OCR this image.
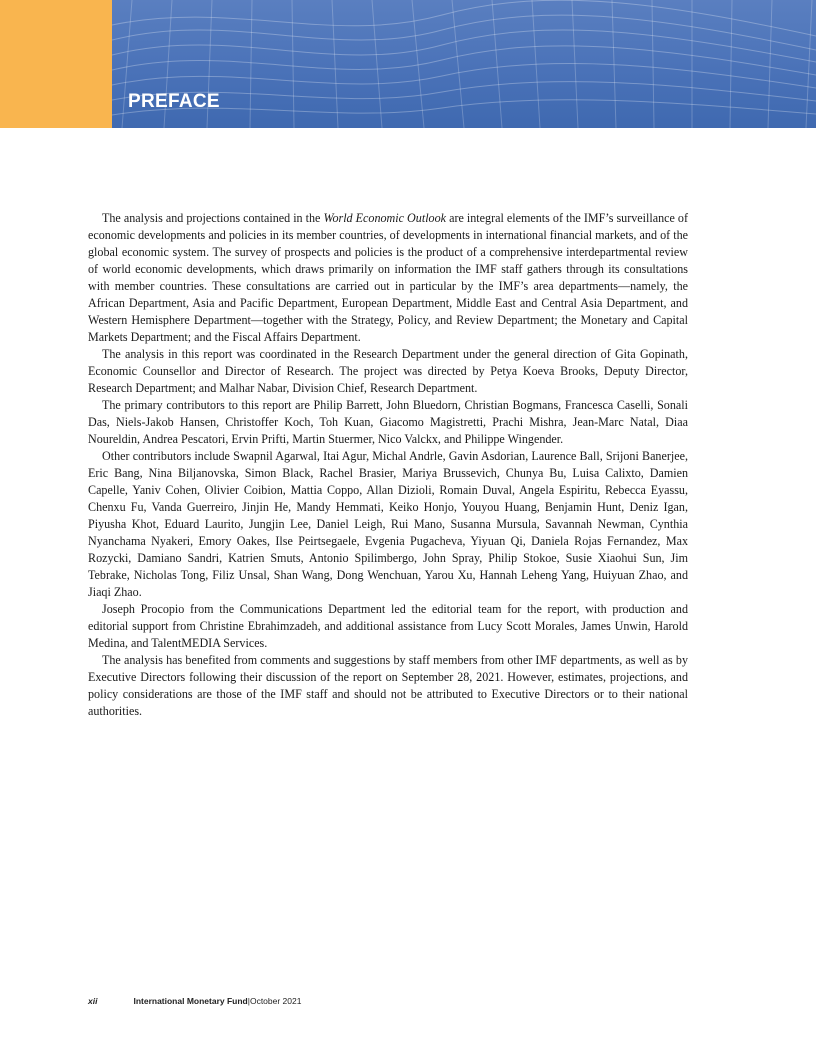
PREFACE

The analysis and projections contained in the World Economic Outlook are integral elements of the IMF’s surveillance of economic developments and policies in its member countries, of developments in international financial markets, and of the global economic system. The survey of prospects and policies is the product of a comprehensive interdepartmental review of world economic developments, which draws primarily on information the IMF staff gathers through its consultations with member countries. These consultations are carried out in particular by the IMF’s area departments—namely, the African Department, Asia and Pacific Department, European Department, Middle East and Central Asia Department, and Western Hemisphere Department—together with the Strategy, Policy, and Review Department; the Monetary and Capital Markets Department; and the Fiscal Affairs Department.

The analysis in this report was coordinated in the Research Department under the general direction of Gita Gopinath, Economic Counsellor and Director of Research. The project was directed by Petya Koeva Brooks, Deputy Director, Research Department; and Malhar Nabar, Division Chief, Research Department.

The primary contributors to this report are Philip Barrett, John Bluedorn, Christian Bogmans, Francesca Caselli, Sonali Das, Niels-Jakob Hansen, Christoffer Koch, Toh Kuan, Giacomo Magistretti, Prachi Mishra, Jean-Marc Natal, Diaa Noureldin, Andrea Pescatori, Ervin Prifti, Martin Stuermer, Nico Valckx, and Philippe Wingender.

Other contributors include Swapnil Agarwal, Itai Agur, Michal Andrle, Gavin Asdorian, Laurence Ball, Srijoni Banerjee, Eric Bang, Nina Biljanovska, Simon Black, Rachel Brasier, Mariya Brussevich, Chunya Bu, Luisa Calixto, Damien Capelle, Yaniv Cohen, Olivier Coibion, Mattia Coppo, Allan Dizioli, Romain Duval, Angela Espiritu, Rebecca Eyassu, Chenxu Fu, Vanda Guerreiro, Jinjin He, Mandy Hemmati, Keiko Honjo, Youyou Huang, Benjamin Hunt, Deniz Igan, Piyusha Khot, Eduard Laurito, Jungjin Lee, Daniel Leigh, Rui Mano, Susanna Mursula, Savannah Newman, Cynthia Nyanchama Nyakeri, Emory Oakes, Ilse Peirtsegaele, Evgenia Pugacheva, Yiyuan Qi, Daniela Rojas Fernandez, Max Rozycki, Damiano Sandri, Katrien Smuts, Antonio Spilimbergo, John Spray, Philip Stokoe, Susie Xiaohui Sun, Jim Tebrake, Nicholas Tong, Filiz Unsal, Shan Wang, Dong Wenchuan, Yarou Xu, Hannah Leheng Yang, Huiyuan Zhao, and Jiaqi Zhao.

Joseph Procopio from the Communications Department led the editorial team for the report, with production and editorial support from Christine Ebrahimzadeh, and additional assistance from Lucy Scott Morales, James Unwin, Harold Medina, and TalentMEDIA Services.

The analysis has benefited from comments and suggestions by staff members from other IMF departments, as well as by Executive Directors following their discussion of the report on September 28, 2021. However, estimates, projections, and policy considerations are those of the IMF staff and should not be attributed to Executive Directors or to their national authorities.

xii	International Monetary Fund|October 2021
